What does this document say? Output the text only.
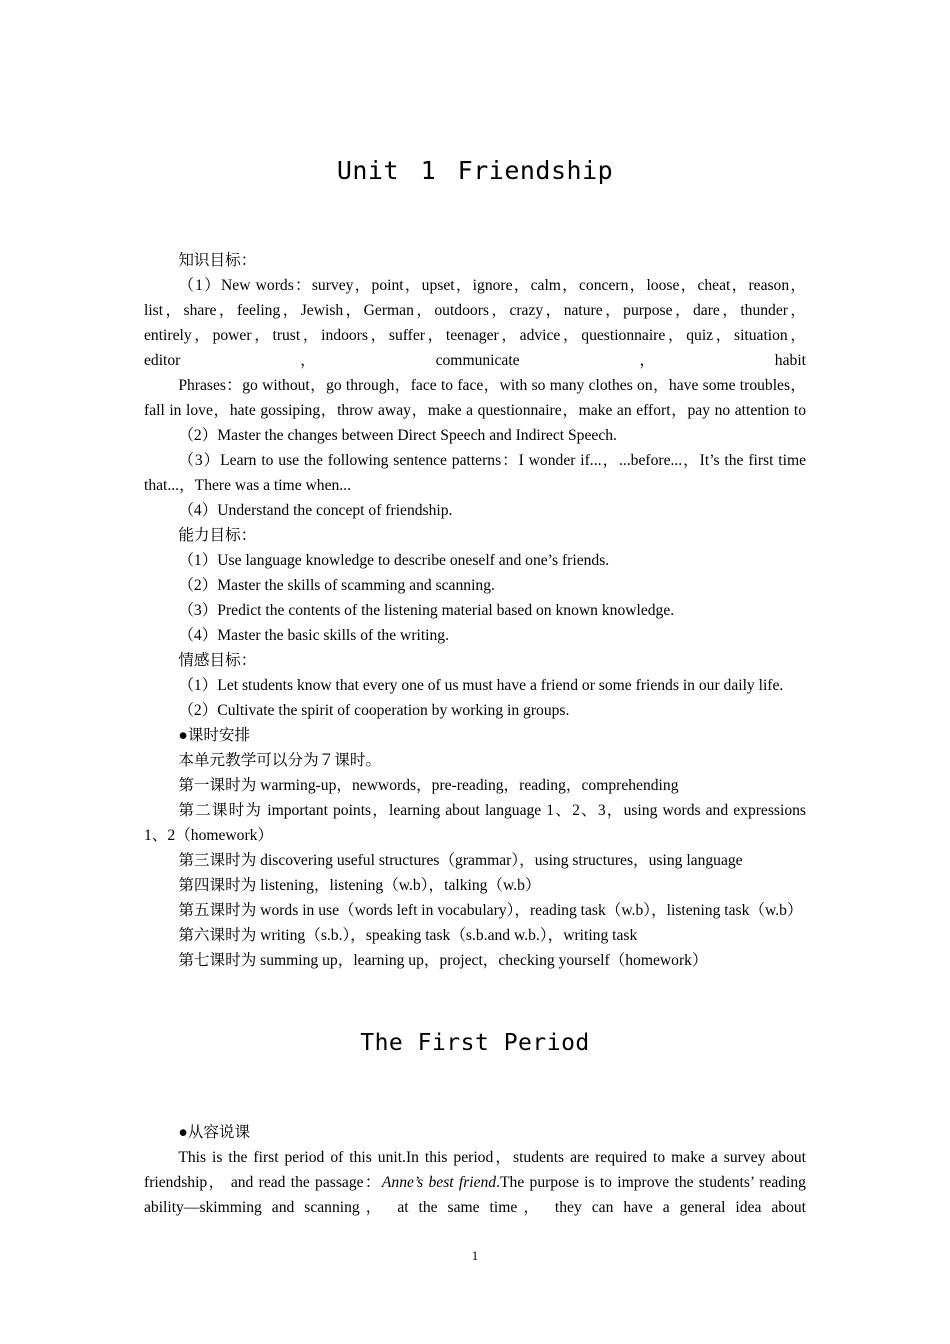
Unit 1 Friendship

知识目标：

（1）New words：survey，point，upset，ignore，calm，concern，loose，cheat，reason，list，share，feeling，Jewish，German，outdoors，crazy，nature，purpose，dare，thunder，entirely，power，trust，indoors，suffer，teenager，advice，questionnaire，quiz，situation，editor，communicate，habit

Phrases：go without，go through，face to face，with so many clothes on，have some troubles，fall in love，hate gossiping，throw away，make a questionnaire，make an effort，pay no attention to

（2）Master the changes between Direct Speech and Indirect Speech.

（3）Learn to use the following sentence patterns：I wonder if...，...before...，It’s the first time that...，There was a time when...

（4）Understand the concept of friendship.

能力目标：

（1）Use language knowledge to describe oneself and one’s friends.

（2）Master the skills of scamming and scanning.

（3）Predict the contents of the listening material based on known knowledge.

（4）Master the basic skills of the writing.

情感目标：

（1）Let students know that every one of us must have a friend or some friends in our daily life.

（2）Cultivate the spirit of cooperation by working in groups.

●课时安排

本单元教学可以分为７课时。

第一课时为 warming-up，newwords，pre-reading，reading，comprehending

第二课时为 important points，learning about language 1、2、3，using words and expressions 1、2（homework）

第三课时为 discovering useful structures（grammar），using structures，using language

第四课时为 listening，listening（w.b），talking（w.b）

第五课时为 words in use（words left in vocabulary），reading task（w.b），listening task（w.b）

第六课时为 writing（s.b.），speaking task（s.b.and w.b.），writing task

第七课时为 summing up，learning up，project，checking yourself（homework）

The First Period

●从容说课

This is the first period of this unit.In this period，students are required to make a survey about friendship， and read the passage：Anne’s best friend.The purpose is to improve the students’ reading ability—skimming and scanning， at the same time， they can have a general idea about

1
